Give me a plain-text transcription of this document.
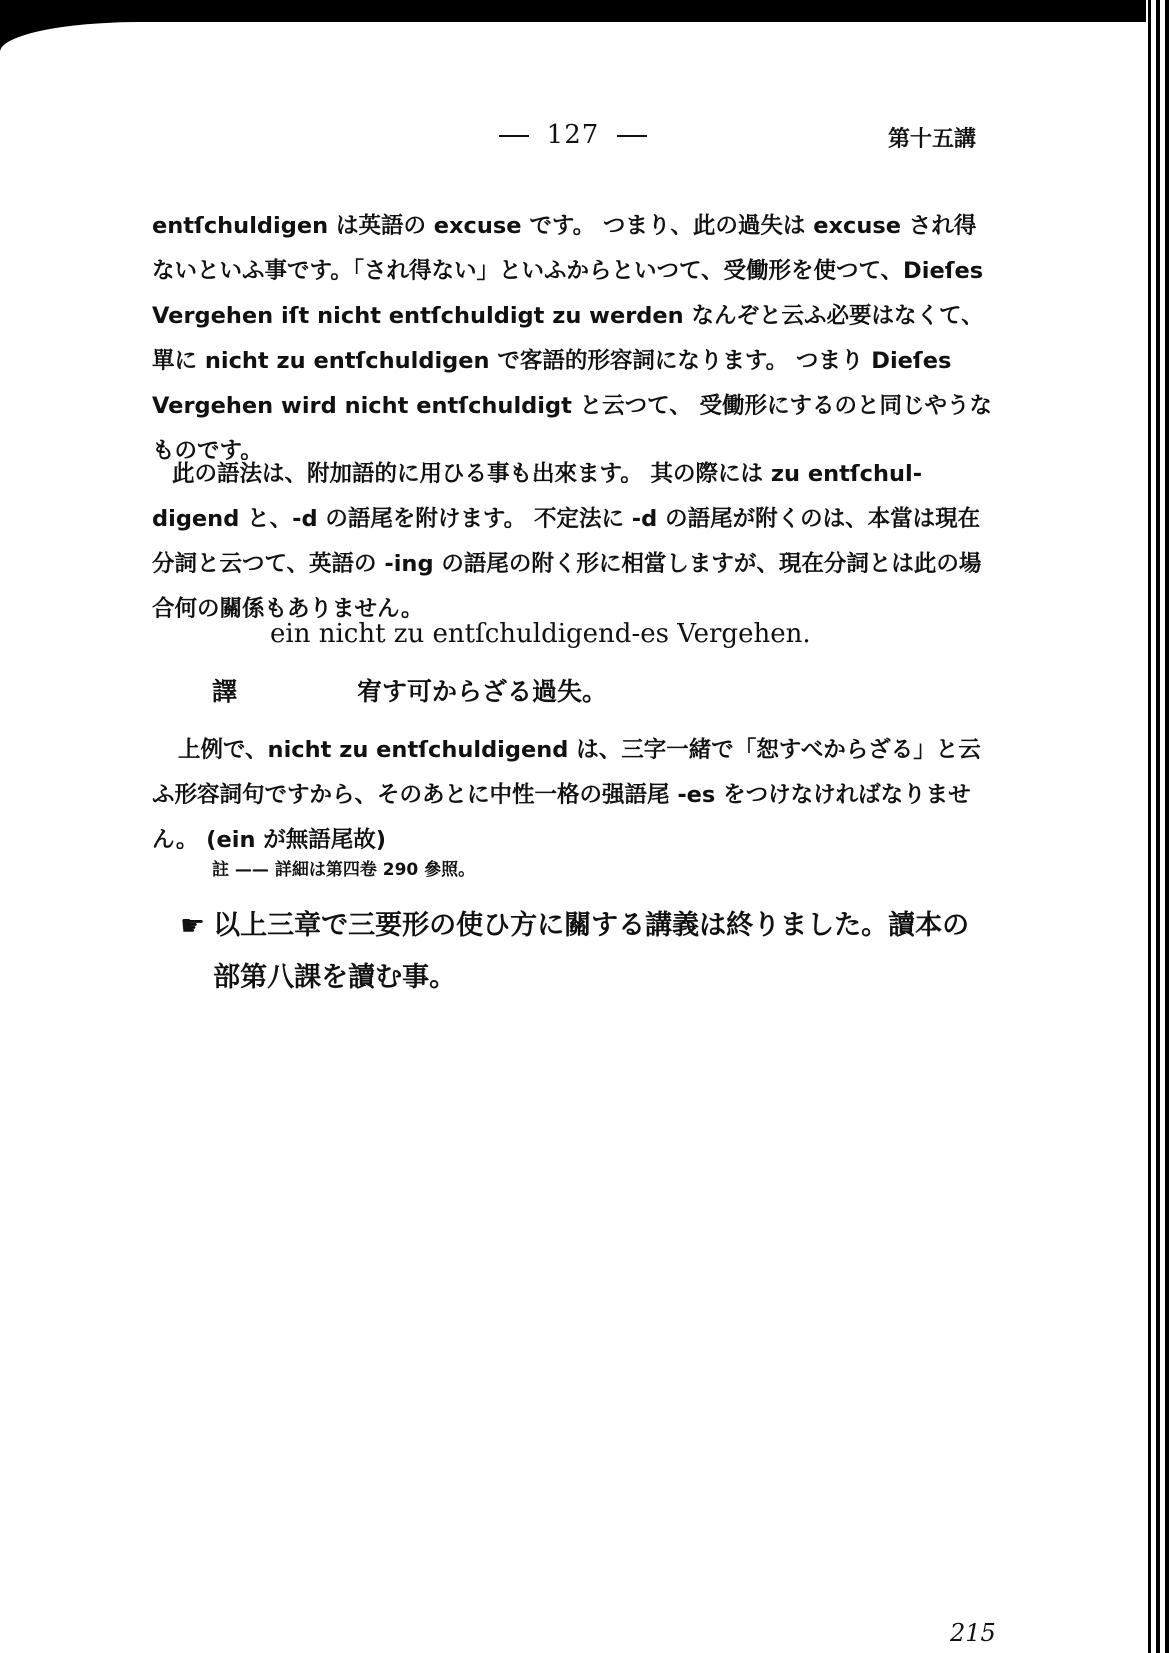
127	第十五講

entſchuldigen は英語の excuse です。 つまり、此の過失は excuse され得ないといふ事です。「され得ない」といふからといつて、受働形を使つて、Dieſes Vergehen iſt nicht entſchuldigt zu werden なんぞと云ふ必要はなくて、單に nicht zu entſchuldigen で客語的形容詞になります。 つまり Dieſes Vergehen wird nicht entſchuldigt と云つて、 受働形にするのと同じやうなものです。

此の語法は、附加語的に用ひる事も出來ます。 其の際には zu entſchul-digend と、-d の語尾を附けます。 不定法に -d の語尾が附くのは、本當は現在分詞と云つて、英語の -ing の語尾の附く形に相當しますが、現在分詞とは此の場合何の關係もありません。

ein nicht zu entſchuldigend-es Vergehen.
譯	宥す可からざる過失。

上例で、nicht zu entſchuldigend は、三字一緒で「恕すべからざる」と云ふ形容詞句ですから、そのあとに中性一格の强語尾 -es をつけなければなりません。 (ein が無語尾故)

註 —— 詳細は第四卷 290 參照。
☛ 以上三章で三要形の使ひ方に關する講義は終りました。讀本の部第八課を讀む事。
215
